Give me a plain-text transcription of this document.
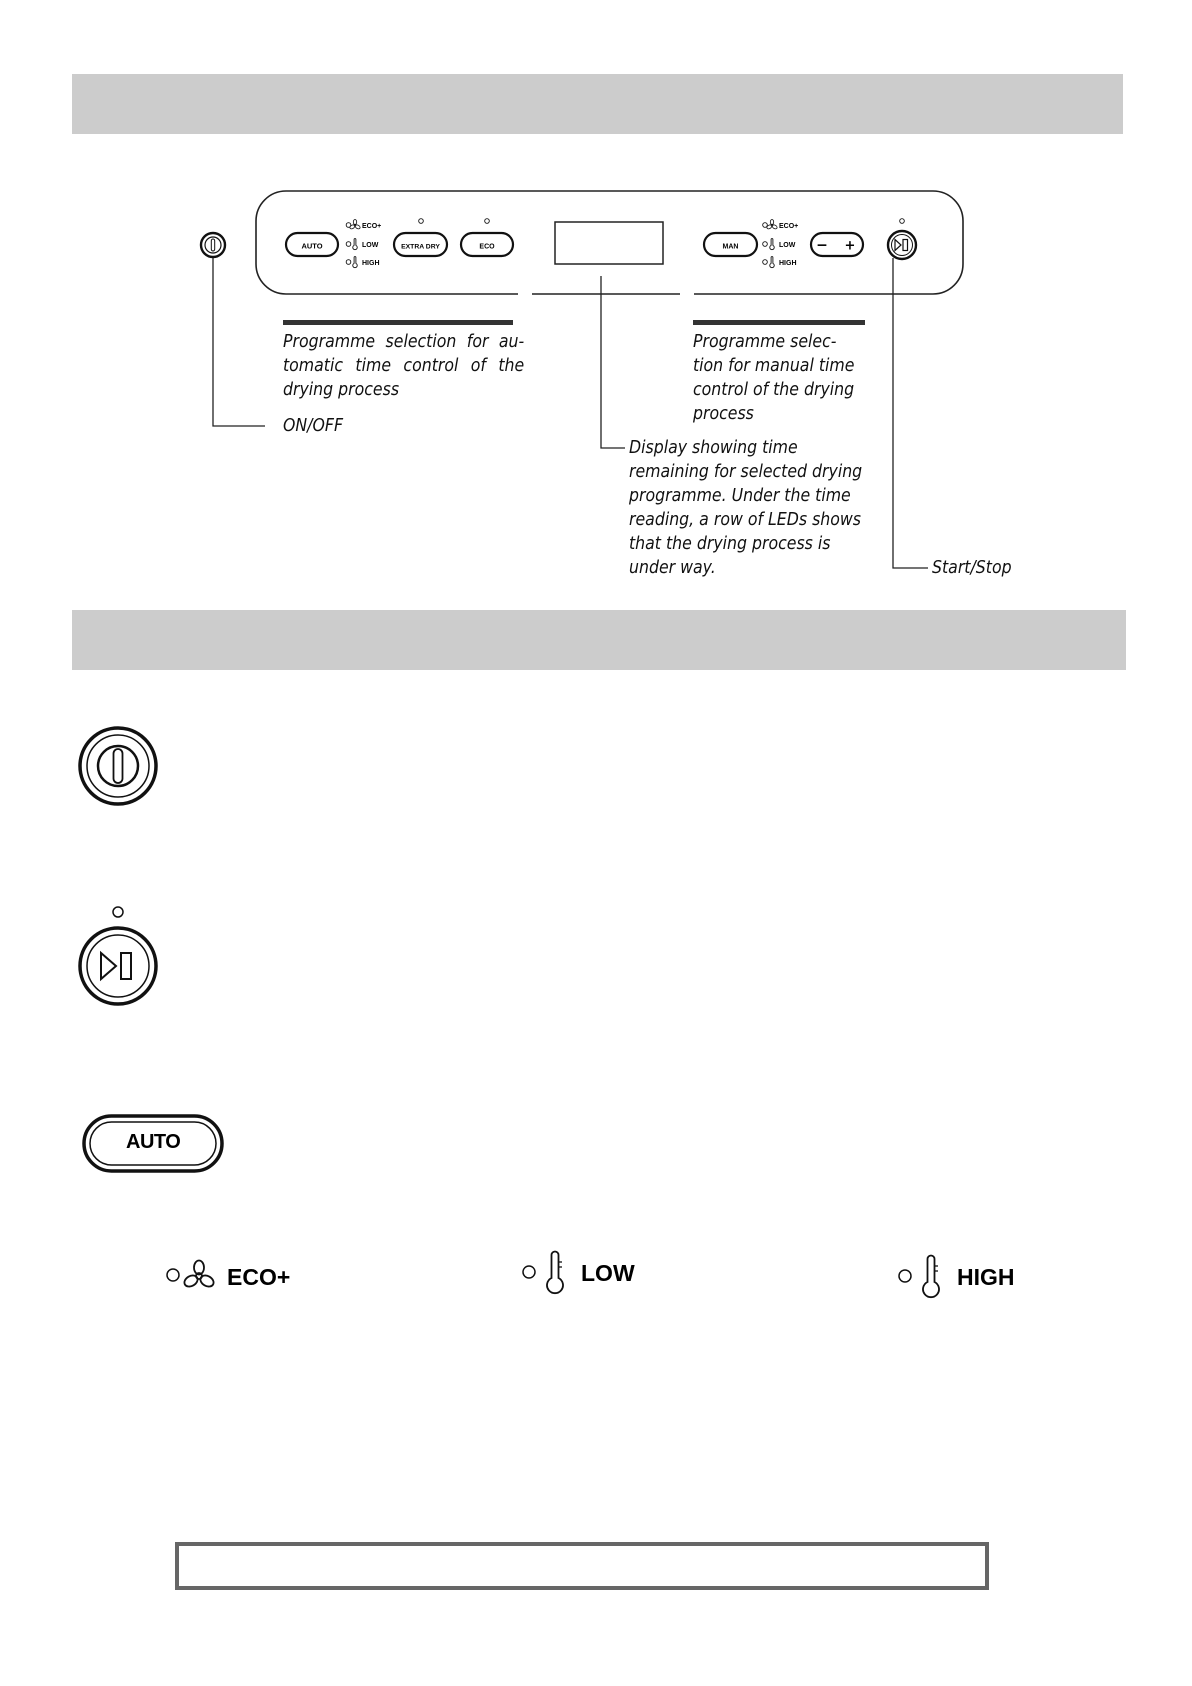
AUTO
ECO+
LOW
HIGH
EXTRA DRY	ECO	MAN
ECO+
LOW
HIGH
− +
Programme selection for au-tomatic time control of the drying process
Programme selec-tion for manual time control of the drying process
ON/OFF
Display showing time remaining for selected drying programme. Under the time reading, a row of LEDs shows that the drying process is under way.	Start/Stop
AUTO
ECO+	LOW	HIGH
